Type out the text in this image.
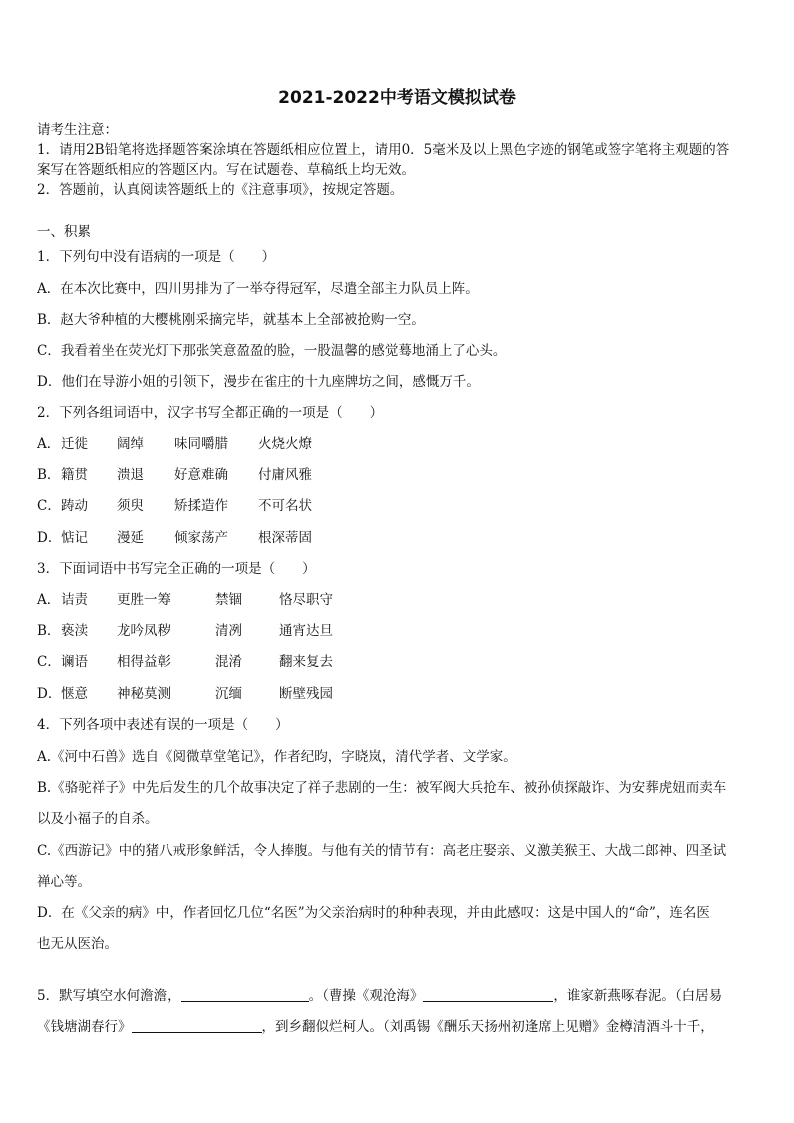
2021-2022中考语文模拟试卷
请考生注意：
1．请用2B铅笔将选择题答案涂填在答题纸相应位置上，请用0．5毫米及以上黑色字迹的钢笔或签字笔将主观题的答
案写在答题纸相应的答题区内。写在试题卷、草稿纸上均无效。
2．答题前，认真阅读答题纸上的《注意事项》，按规定答题。
一、积累
1．下列句中没有语病的一项是（　　）
A．在本次比赛中，四川男排为了一举夺得冠军，尽遣全部主力队员上阵。
B．赵大爷种植的大樱桃刚采摘完毕，就基本上全部被抢购一空。
C．我看着坐在荧光灯下那张笑意盈盈的脸，一股温馨的感觉蓦地涌上了心头。
D．他们在导游小姐的引领下，漫步在雀庄的十九座牌坊之间，感慨万千。
2．下列各组词语中，汉字书写全都正确的一项是（　　）
A． 迁徙 阔绰 味同嚼腊 火烧火燎
B． 籍贯 溃退 好意难确 付庸风雅
C． 踌动 须臾 矫揉造作 不可名状
D． 惦记 漫延 倾家荡产 根深蒂固
3．下面词语中书写完全正确的一项是（　　）
A． 诘责 更胜一筹	禁锢	恪尽职守
B． 亵渎 龙吟凤秽	清冽	通宵达旦
C． 谰语 相得益彰	混淆	翻来复去
D． 惬意 神秘莫测	沉缅	断壁残园
4．下列各项中表述有误的一项是（　　）
A.《河中石兽》选自《阅微草堂笔记》，作者纪昀，字晓岚，清代学者、文学家。
B.《骆驼祥子》中先后发生的几个故事决定了祥子悲剧的一生：被军阀大兵抢车、被孙侦探敲诈、为安葬虎妞而卖车
以及小福子的自杀。
C.《西游记》中的猪八戒形象鲜活，令人捧腹。与他有关的情节有：高老庄娶亲、义激美猴王、大战二郎神、四圣试
禅心等。
D．在《父亲的病》中，作者回忆几位“名医”为父亲治病时的种种表现，并由此感叹：这是中国人的“命”，连名医
也无从医治。
5．默写填空水何澹澹，	。（曹操《观沧海》	，谁家新燕啄春泥。（白居易
《钱塘湖春行》	，到乡翻似烂柯人。（刘禹锡《酬乐天扬州初逢席上见赠》金樽清酒斗十千，
